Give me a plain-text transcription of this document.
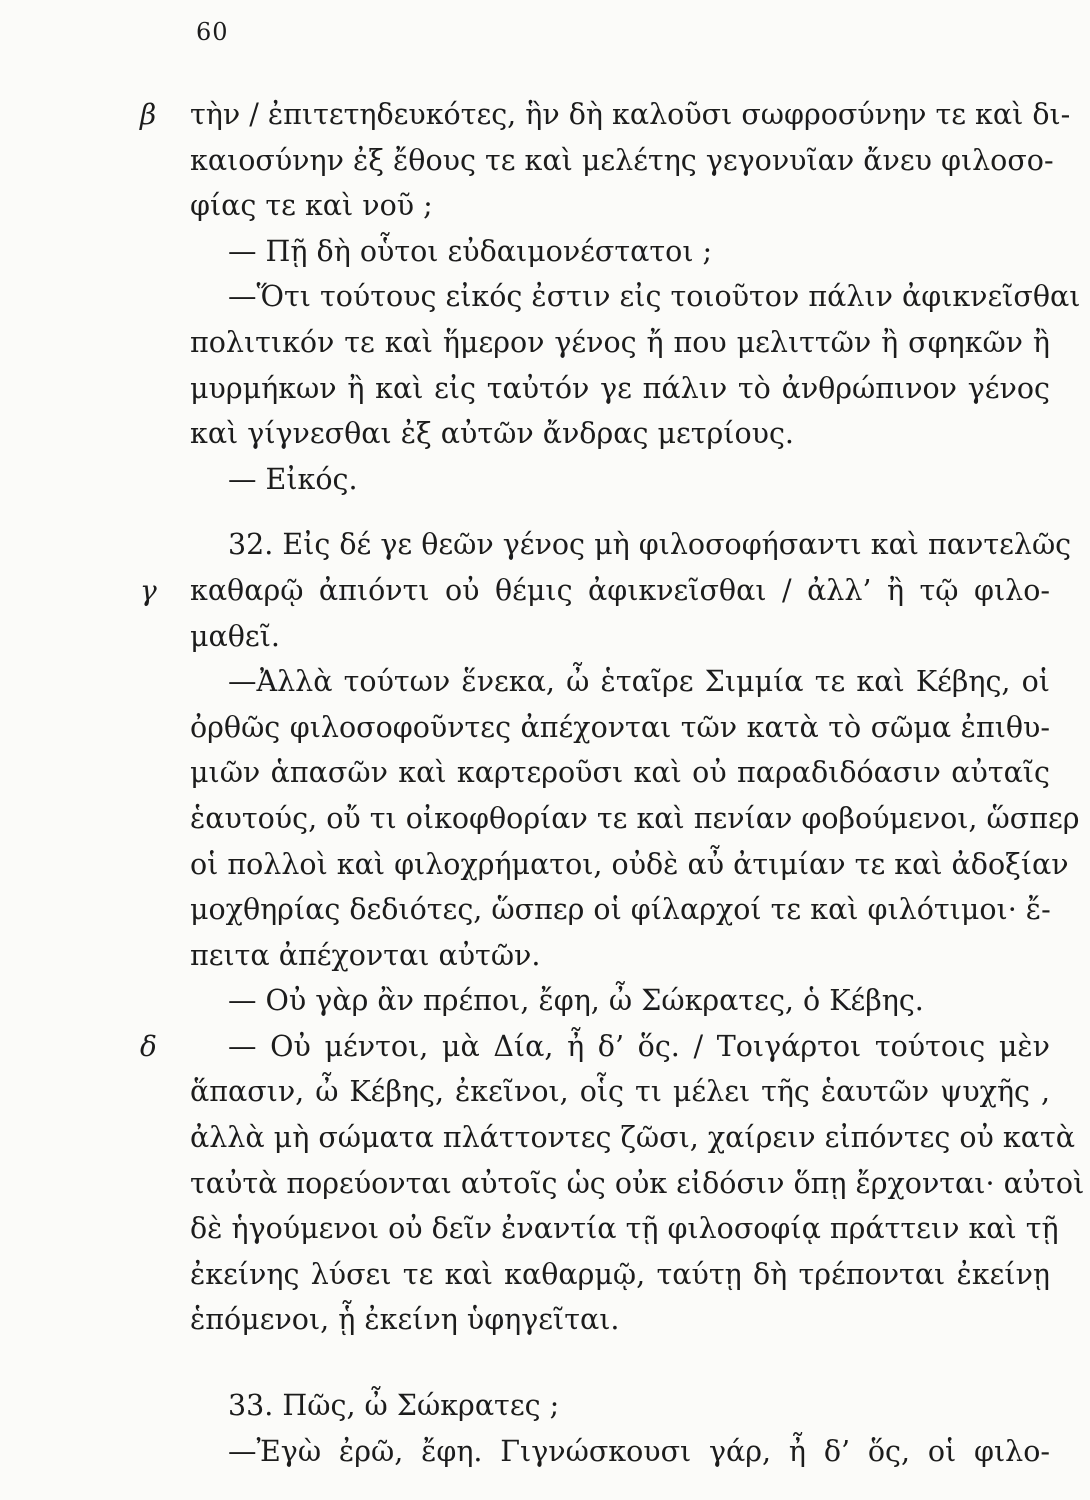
60
β τὴν / ἐπιτετηδευκότες, ἣν δὴ καλοῦσι σωφροσύνην τε καὶ δι-
καιοσύνην ἐξ ἔθους τε καὶ μελέτης γεγονυῖαν ἄνευ φιλοσο-
φίας τε καὶ νοῦ ;
— Πῇ δὴ οὗτοι εὐδαιμονέστατοι ;
—Ὅτι τούτους εἰκός ἐστιν εἰς τοιοῦτον πάλιν ἀφικνεῖσθαι
πολιτικόν τε καὶ ἥμερον γένος ἤ που μελιττῶν ἢ σφηκῶν ἢ
μυρμήκων ἢ καὶ εἰς ταὐτόν γε πάλιν τὸ ἀνθρώπινον γένος
καὶ γίγνεσθαι ἐξ αὐτῶν ἄνδρας μετρίους.
— Εἰκός.
32. Εἰς δέ γε θεῶν γένος μὴ φιλοσοφήσαντι καὶ παντελῶς
γ καθαρῷ ἀπιόντι οὐ θέμις ἀφικνεῖσθαι / ἀλλ’ ἢ τῷ φιλο-
μαθεῖ.
—Ἀλλὰ τούτων ἕνεκα, ὦ ἑταῖρε Σιμμία τε καὶ Κέβης, οἱ
ὀρθῶς φιλοσοφοῦντες ἀπέχονται τῶν κατὰ τὸ σῶμα ἐπιθυ-
μιῶν ἁπασῶν καὶ καρτεροῦσι καὶ οὐ παραδιδόασιν αὐταῖς
ἑαυτούς, οὔ τι οἰκοφθορίαν τε καὶ πενίαν φοβούμενοι, ὥσπερ
οἱ πολλοὶ καὶ φιλοχρήματοι, οὐδὲ αὖ ἀτιμίαν τε καὶ ἀδοξίαν
μοχθηρίας δεδιότες, ὥσπερ οἱ φίλαρχοί τε καὶ φιλότιμοι· ἔ-
πειτα ἀπέχονται αὐτῶν.
— Οὐ γὰρ ἂν πρέποι, ἔφη, ὦ Σώκρατες, ὁ Κέβης.
δ — Οὐ μέντοι, μὰ Δία, ἦ δ’ ὅς. / Τοιγάρτοι τούτοις μὲν
ἅπασιν, ὦ Κέβης, ἐκεῖνοι, οἷς τι μέλει τῆς ἑαυτῶν ψυχῆς ,
ἀλλὰ μὴ σώματα πλάττοντες ζῶσι, χαίρειν εἰπόντες οὐ κατὰ
ταὐτὰ πορεύονται αὐτοῖς ὡς οὐκ εἰδόσιν ὅπῃ ἔρχονται· αὐτοὶ
δὲ ἡγούμενοι οὐ δεῖν ἐναντία τῇ φιλοσοφίᾳ πράττειν καὶ τῇ
ἐκείνης λύσει τε καὶ καθαρμῷ, ταύτῃ δὴ τρέπονται ἐκείνῃ
ἑπόμενοι, ᾗ ἐκείνη ὑφηγεῖται.
33. Πῶς, ὦ Σώκρατες ;
—Ἐγὼ ἐρῶ, ἔφη. Γιγνώσκουσι γάρ, ἦ δ’ ὅς, οἱ φιλο-
